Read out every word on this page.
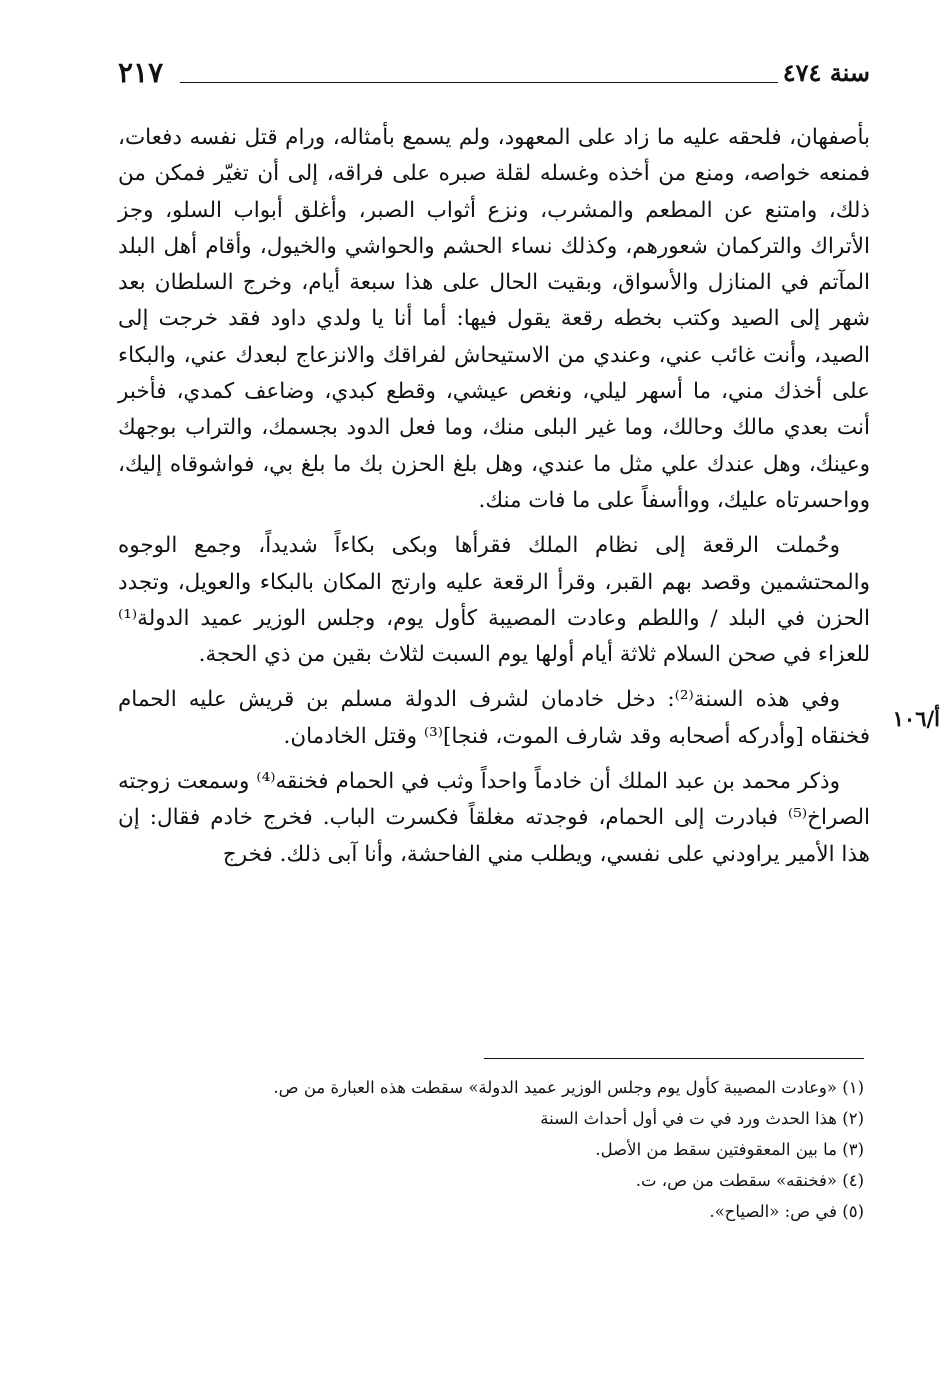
سنة ٤٧٤
٢١٧

بأصفهان، فلحقه عليه ما زاد على المعهود، ولم يسمع بأمثاله، ورام قتل نفسه دفعات، فمنعه خواصه، ومنع من أخذه وغسله لقلة صبره على فراقه، إلى أن تغيّر فمكن من ذلك، وامتنع عن المطعم والمشرب، ونزع أثواب الصبر، وأغلق أبواب السلو، وجز الأتراك والتركمان شعورهم، وكذلك نساء الحشم والحواشي والخيول، وأقام أهل البلد المآتم في المنازل والأسواق، وبقيت الحال على هذا سبعة أيام، وخرج السلطان بعد شهر إلى الصيد وكتب بخطه رقعة يقول فيها: أما أنا يا ولدي داود فقد خرجت إلى الصيد، وأنت غائب عني، وعندي من الاستيحاش لفراقك والانزعاج لبعدك عني، والبكاء على أخذك مني، ما أسهر ليلي، ونغص عيشي، وقطع كبدي، وضاعف كمدي، فأخبر أنت بعدي مالك وحالك، وما غير البلى منك، وما فعل الدود بجسمك، والتراب بوجهك وعينك، وهل عندك علي مثل ما عندي، وهل بلغ الحزن بك ما بلغ بي، فواشوقاه إليك، وواحسرتاه عليك، وواأسفاً على ما فات منك.

وحُملت الرقعة إلى نظام الملك فقرأها وبكى بكاءاً شديداً، وجمع الوجوه والمحتشمين وقصد بهم القبر، وقرأ الرقعة عليه وارتج المكان بالبكاء والعويل، وتجدد الحزن في البلد / واللطم وعادت المصيبة كأول يوم، وجلس الوزير عميد الدولة⁽¹⁾ للعزاء في صحن السلام ثلاثة أيام أولها يوم السبت لثلاث بقين من ذي الحجة.

وفي هذه السنة⁽²⁾: دخل خادمان لشرف الدولة مسلم بن قريش عليه الحمام فخنقاه [وأدركه أصحابه وقد شارف الموت، فنجا]⁽³⁾ وقتل الخادمان.

وذكر محمد بن عبد الملك أن خادماً واحداً وثب في الحمام فخنقه⁽⁴⁾ وسمعت زوجته الصراخ⁽⁵⁾ فبادرت إلى الحمام، فوجدته مغلقاً فكسرت الباب. فخرج خادم فقال: إن هذا الأمير يراودني على نفسي، ويطلب مني الفاحشة، وأنا آبى ذلك. فخرج

أ/١٠٦

(١) «وعادت المصيبة كأول يوم وجلس الوزير عميد الدولة» سقطت هذه العبارة من ص.

(٢) هذا الحدث ورد في ت في أول أحداث السنة

(٣) ما بين المعقوفتين سقط من الأصل.

(٤) «فخنقه» سقطت من ص، ت.

(٥) في ص: «الصياح».
